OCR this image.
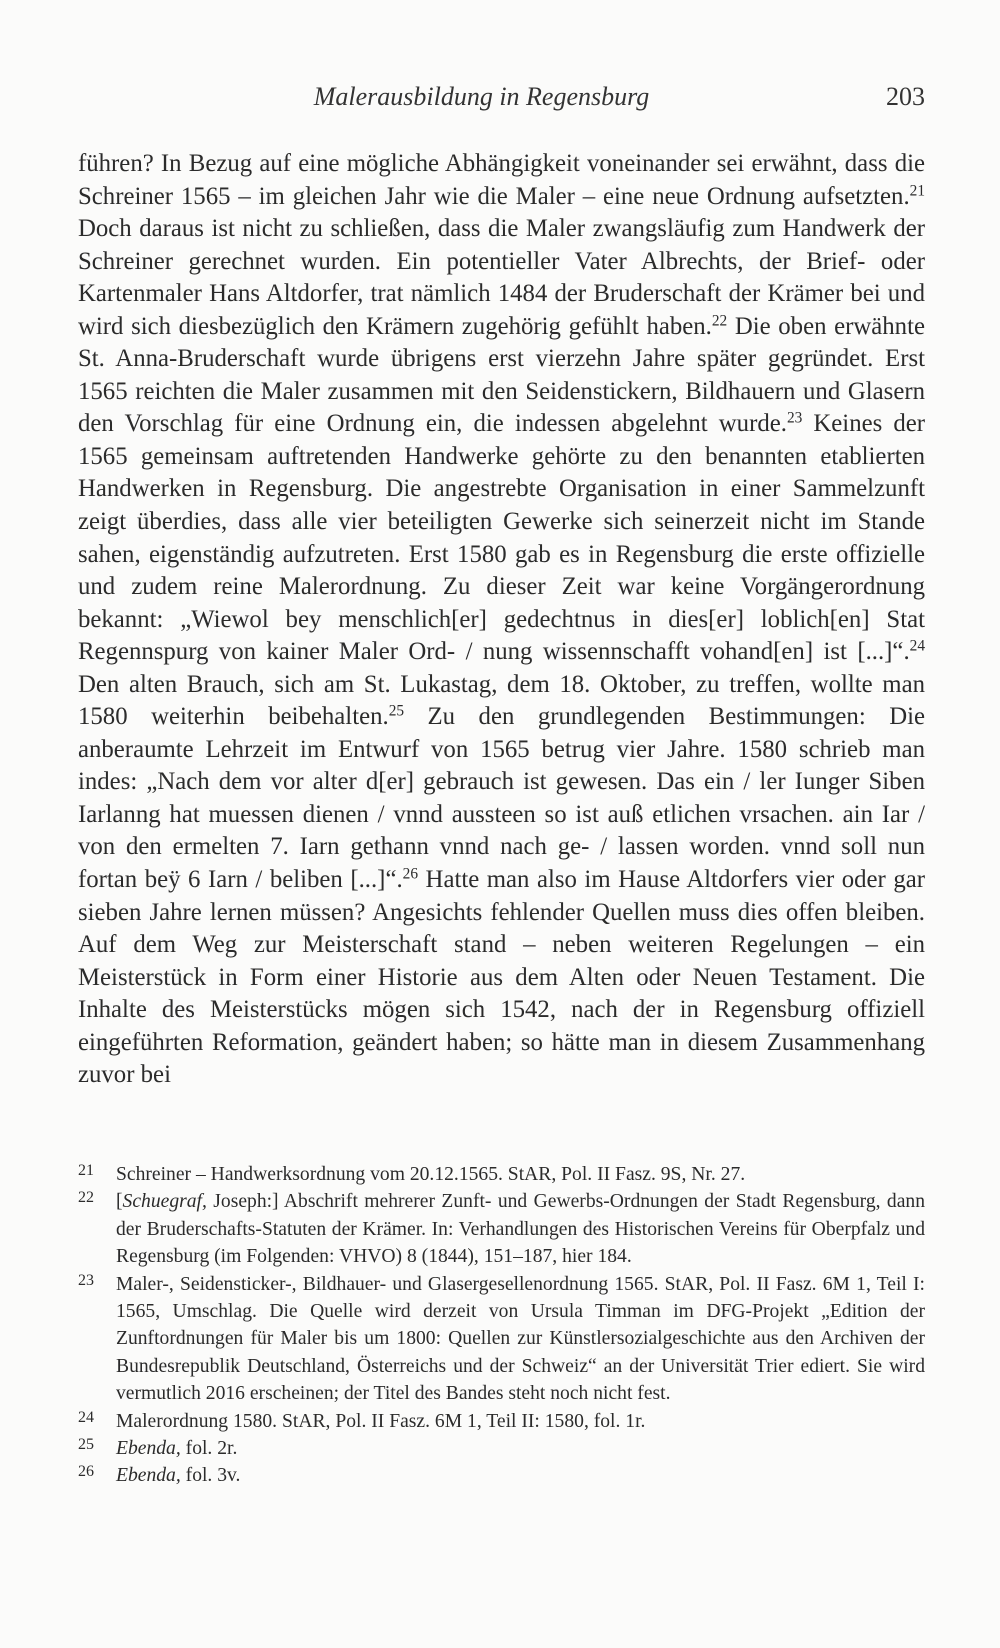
Malerausbildung in Regensburg	203
führen? In Bezug auf eine mögliche Abhängigkeit voneinander sei erwähnt, dass die Schreiner 1565 – im gleichen Jahr wie die Maler – eine neue Ordnung aufsetzten.$^{21}$ Doch daraus ist nicht zu schließen, dass die Maler zwangsläufig zum Handwerk der Schreiner gerechnet wurden. Ein potentieller Vater Albrechts, der Brief- oder Kartenmaler Hans Altdorfer, trat nämlich 1484 der Bruderschaft der Krämer bei und wird sich diesbezüglich den Krämern zugehörig gefühlt haben.$^{22}$ Die oben erwähnte St. Anna-Bruderschaft wurde übrigens erst vierzehn Jahre später gegründet. Erst 1565 reichten die Maler zusammen mit den Seidenstickern, Bildhauern und Glasern den Vorschlag für eine Ordnung ein, die indessen abgelehnt wurde.$^{23}$ Keines der 1565 gemeinsam auftretenden Handwerke gehörte zu den benannten etablierten Handwerken in Regensburg. Die angestrebte Organisation in einer Sammelzunft zeigt überdies, dass alle vier beteiligten Gewerke sich seinerzeit nicht im Stande sahen, eigenständig aufzutreten. Erst 1580 gab es in Regensburg die erste offizielle und zudem reine Malerordnung. Zu dieser Zeit war keine Vorgängerordnung bekannt: „Wiewol bey menschlich[er] gedechtnus in dies[er] loblich[en] Stat Regennspurg von kainer Maler Ord- / nung wissennschafft vohand[en] ist [...]“.$^{24}$ Den alten Brauch, sich am St. Lukastag, dem 18. Oktober, zu treffen, wollte man 1580 weiterhin beibehalten.$^{25}$ Zu den grundlegenden Bestimmungen: Die anberaumte Lehrzeit im Entwurf von 1565 betrug vier Jahre. 1580 schrieb man indes: „Nach dem vor alter d[er] gebrauch ist gewesen. Das ein / ler Iunger Siben Iarlanng hat muessen dienen / vnnd aussteen so ist auß etlichen vrsachen. ain Iar / von den ermelten 7. Iarn gethann vnnd nach ge- / lassen worden. vnnd soll nun fortan beÿ 6 Iarn / beliben [...]“.$^{26}$ Hatte man also im Hause Altdorfers vier oder gar sieben Jahre lernen müssen? Angesichts fehlender Quellen muss dies offen bleiben. Auf dem Weg zur Meisterschaft stand – neben weiteren Regelungen – ein Meisterstück in Form einer Historie aus dem Alten oder Neuen Testament. Die Inhalte des Meisterstücks mögen sich 1542, nach der in Regensburg offiziell eingeführten Reformation, geändert haben; so hätte man in diesem Zusammenhang zuvor bei
21 Schreiner – Handwerksordnung vom 20.12.1565. StAR, Pol. II Fasz. 9S, Nr. 27.
22 [Schuegraf, Joseph:] Abschrift mehrerer Zunft- und Gewerbs-Ordnungen der Stadt Regensburg, dann der Bruderschafts-Statuten der Krämer. In: Verhandlungen des Historischen Vereins für Oberpfalz und Regensburg (im Folgenden: VHVO) 8 (1844), 151–187, hier 184.
23 Maler-, Seidensticker-, Bildhauer- und Glasergesellenordnung 1565. StAR, Pol. II Fasz. 6M 1, Teil I: 1565, Umschlag. Die Quelle wird derzeit von Ursula Timman im DFG-Projekt „Edition der Zunftordnungen für Maler bis um 1800: Quellen zur Künstlersozialgeschichte aus den Archiven der Bundesrepublik Deutschland, Österreichs und der Schweiz“ an der Universität Trier ediert. Sie wird vermutlich 2016 erscheinen; der Titel des Bandes steht noch nicht fest.
24 Malerordnung 1580. StAR, Pol. II Fasz. 6M 1, Teil II: 1580, fol. 1r.
25 Ebenda, fol. 2r.
26 Ebenda, fol. 3v.
